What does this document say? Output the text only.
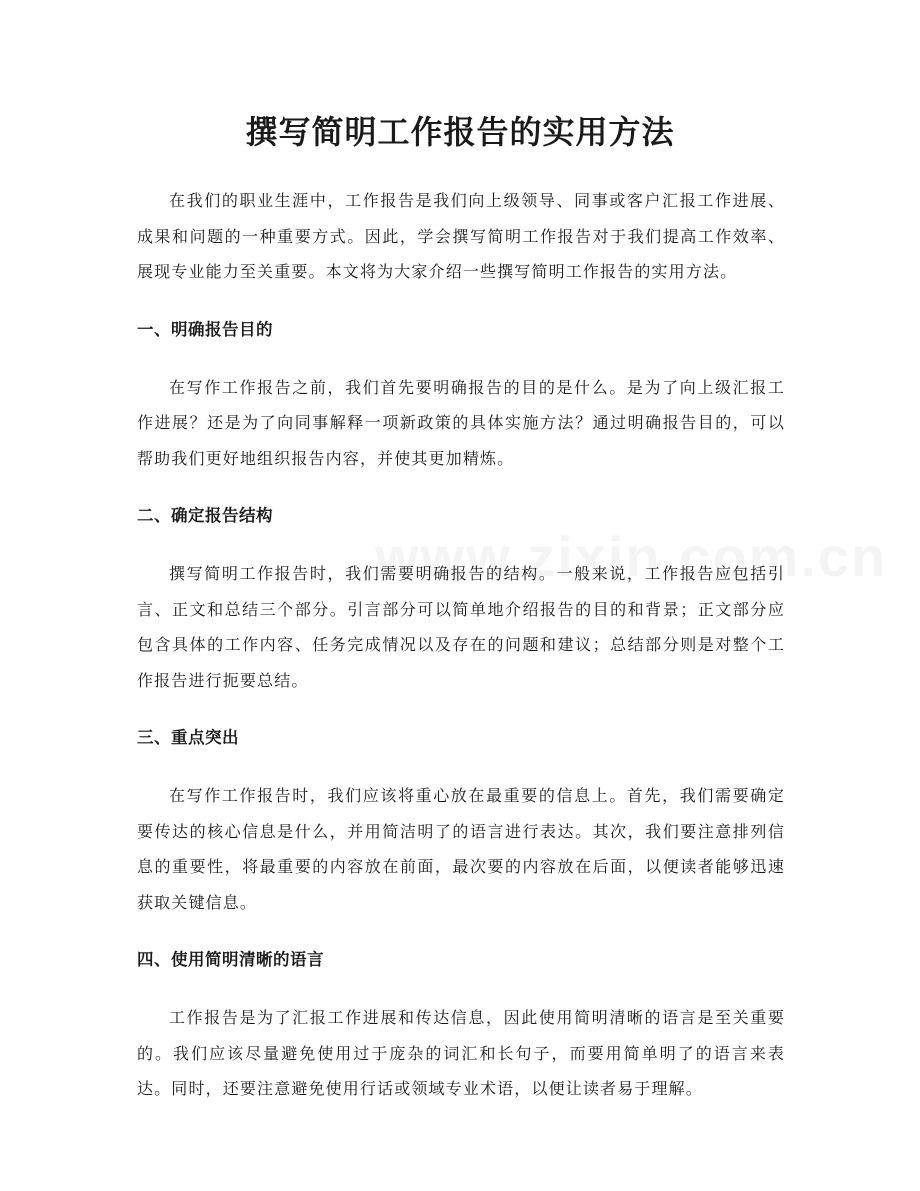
撰写简明工作报告的实用方法

在我们的职业生涯中，工作报告是我们向上级领导、同事或客户汇报工作进展、成果和问题的一种重要方式。因此，学会撰写简明工作报告对于我们提高工作效率、展现专业能力至关重要。本文将为大家介绍一些撰写简明工作报告的实用方法。

一、明确报告目的

在写作工作报告之前，我们首先要明确报告的目的是什么。是为了向上级汇报工作进展？还是为了向同事解释一项新政策的具体实施方法？通过明确报告目的，可以帮助我们更好地组织报告内容，并使其更加精炼。

二、确定报告结构

撰写简明工作报告时，我们需要明确报告的结构。一般来说，工作报告应包括引言、正文和总结三个部分。引言部分可以简单地介绍报告的目的和背景；正文部分应包含具体的工作内容、任务完成情况以及存在的问题和建议；总结部分则是对整个工作报告进行扼要总结。

三、重点突出

在写作工作报告时，我们应该将重心放在最重要的信息上。首先，我们需要确定要传达的核心信息是什么，并用简洁明了的语言进行表达。其次，我们要注意排列信息的重要性，将最重要的内容放在前面，最次要的内容放在后面，以便读者能够迅速获取关键信息。

四、使用简明清晰的语言

工作报告是为了汇报工作进展和传达信息，因此使用简明清晰的语言是至关重要的。我们应该尽量避免使用过于庞杂的词汇和长句子，而要用简单明了的语言来表达。同时，还要注意避免使用行话或领域专业术语，以便让读者易于理解。
